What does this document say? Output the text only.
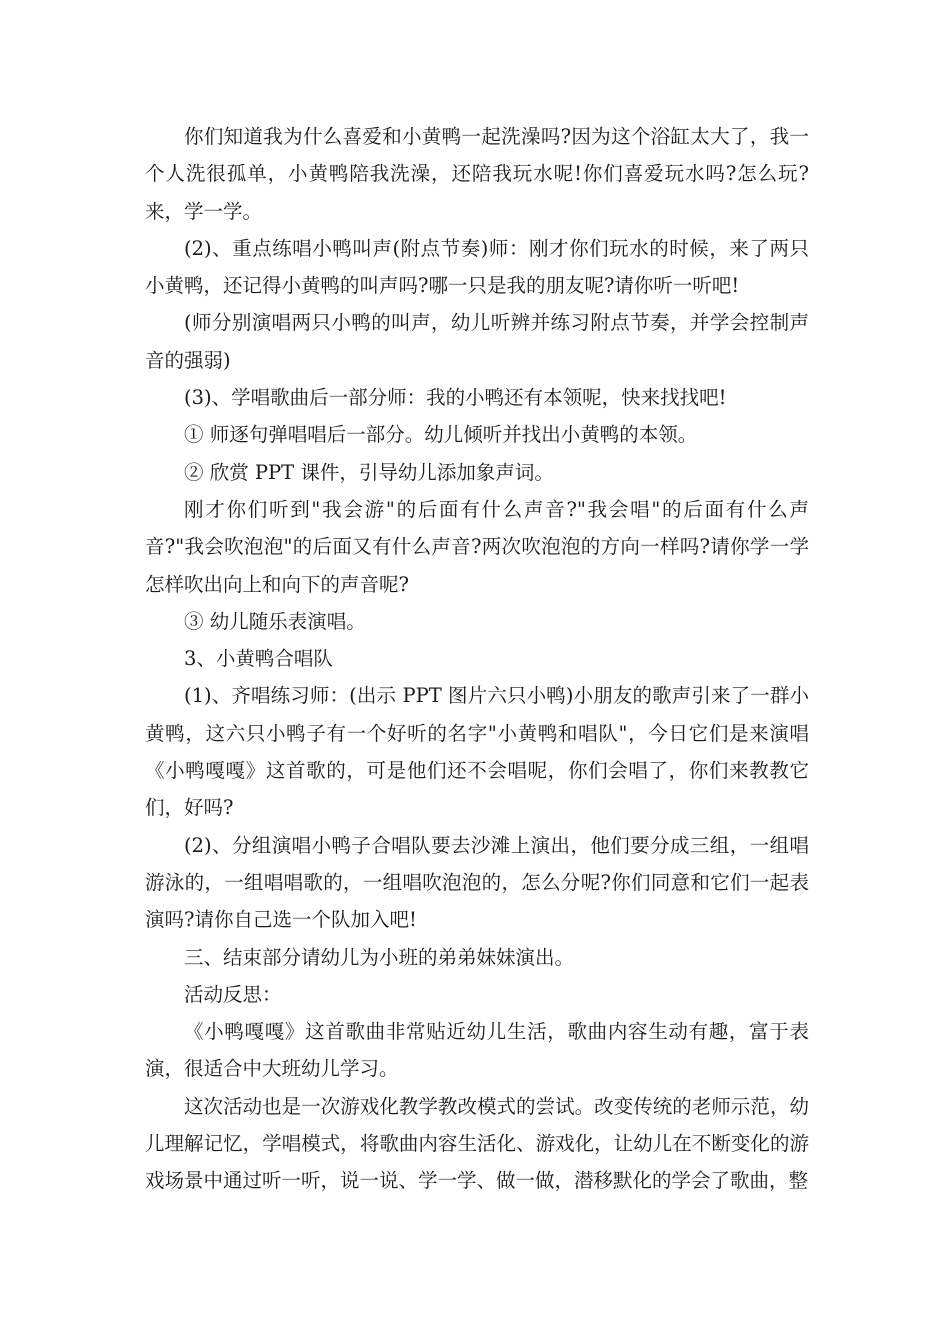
你们知道我为什么喜爱和小黄鸭一起洗澡吗?因为这个浴缸太大了，我一个人洗很孤单，小黄鸭陪我洗澡，还陪我玩水呢!你们喜爱玩水吗?怎么玩?来，学一学。

(2)、重点练唱小鸭叫声(附点节奏)师：刚才你们玩水的时候，来了两只小黄鸭，还记得小黄鸭的叫声吗?哪一只是我的朋友呢?请你听一听吧!

(师分别演唱两只小鸭的叫声，幼儿听辨并练习附点节奏，并学会控制声音的强弱)

(3)、学唱歌曲后一部分师：我的小鸭还有本领呢，快来找找吧!

① 师逐句弹唱唱后一部分。幼儿倾听并找出小黄鸭的本领。

② 欣赏 PPT 课件，引导幼儿添加象声词。

刚才你们听到"我会游"的后面有什么声音?"我会唱"的后面有什么声音?"我会吹泡泡"的后面又有什么声音?两次吹泡泡的方向一样吗?请你学一学怎样吹出向上和向下的声音呢?

③ 幼儿随乐表演唱。

3、小黄鸭合唱队

(1)、齐唱练习师：(出示 PPT 图片六只小鸭)小朋友的歌声引来了一群小黄鸭，这六只小鸭子有一个好听的名字"小黄鸭和唱队"，今日它们是来演唱《小鸭嘎嘎》这首歌的，可是他们还不会唱呢，你们会唱了，你们来教教它们，好吗?

(2)、分组演唱小鸭子合唱队要去沙滩上演出，他们要分成三组，一组唱游泳的，一组唱唱歌的，一组唱吹泡泡的，怎么分呢?你们同意和它们一起表演吗?请你自己选一个队加入吧!

三、结束部分请幼儿为小班的弟弟妹妹演出。

活动反思：

《小鸭嘎嘎》这首歌曲非常贴近幼儿生活，歌曲内容生动有趣，富于表演，很适合中大班幼儿学习。

这次活动也是一次游戏化教学教改模式的尝试。改变传统的老师示范，幼儿理解记忆，学唱模式，将歌曲内容生活化、游戏化，让幼儿在不断变化的游戏场景中通过听一听，说一说、学一学、做一做，潜移默化的学会了歌曲，整
